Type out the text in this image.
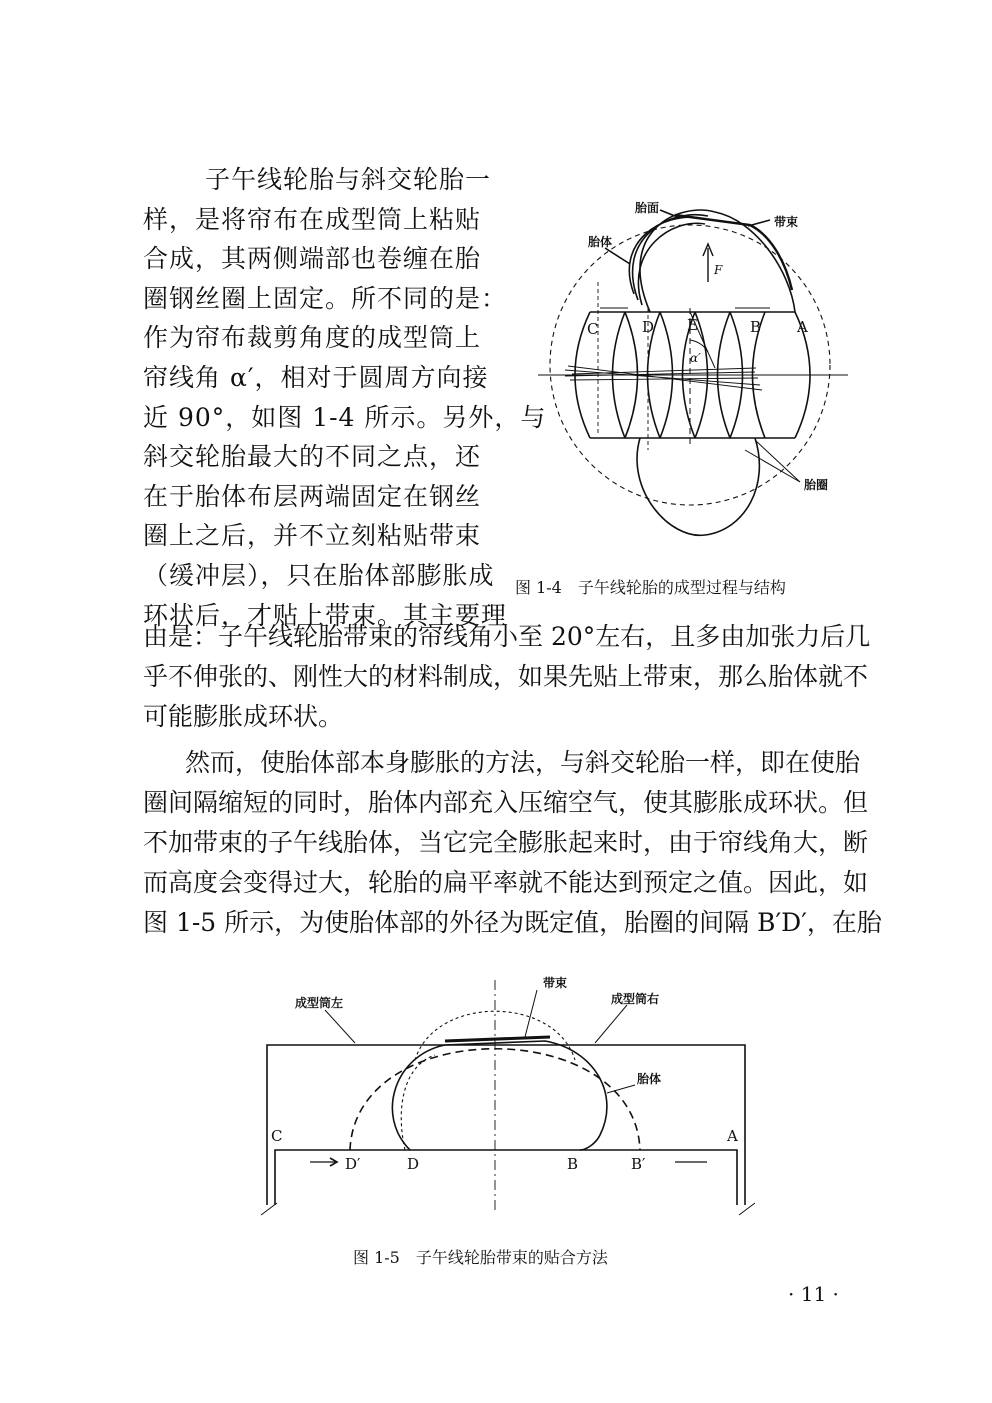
子午线轮胎与斜交轮胎一
样，是将帘布在成型筒上粘贴
合成，其两侧端部也卷缠在胎
圈钢丝圈上固定。所不同的是：
作为帘布裁剪角度的成型筒上
帘线角 α′，相对于圆周方向接
近 90°，如图 1-4 所示。另外，与
斜交轮胎最大的不同之点，还
在于胎体布层两端固定在钢丝
圈上之后，并不立刻粘贴带束
（缓冲层），只在胎体部膨胀成
环状后，才贴上带束。其主要理
胎面
带束
胎体
胎圈
F
α′
C	D E	B A
图 1-4　子午线轮胎的成型过程与结构
由是：子午线轮胎带束的帘线角小至 20°左右，且多由加张力后几
乎不伸张的、刚性大的材料制成，如果先贴上带束，那么胎体就不
可能膨胀成环状。
然而，使胎体部本身膨胀的方法，与斜交轮胎一样，即在使胎
圈间隔缩短的同时，胎体内部充入压缩空气，使其膨胀成环状。但
不加带束的子午线胎体，当它完全膨胀起来时，由于帘线角大，断
而高度会变得过大，轮胎的扁平率就不能达到预定之值。因此，如
图 1-5 所示，为使胎体部的外径为既定值，胎圈的间隔 B′D′，在胎
成型筒左
带束
成型筒右
胎体
C
D′	D	B	B′
A
图 1-5　子午线轮胎带束的贴合方法
· 11 ·
